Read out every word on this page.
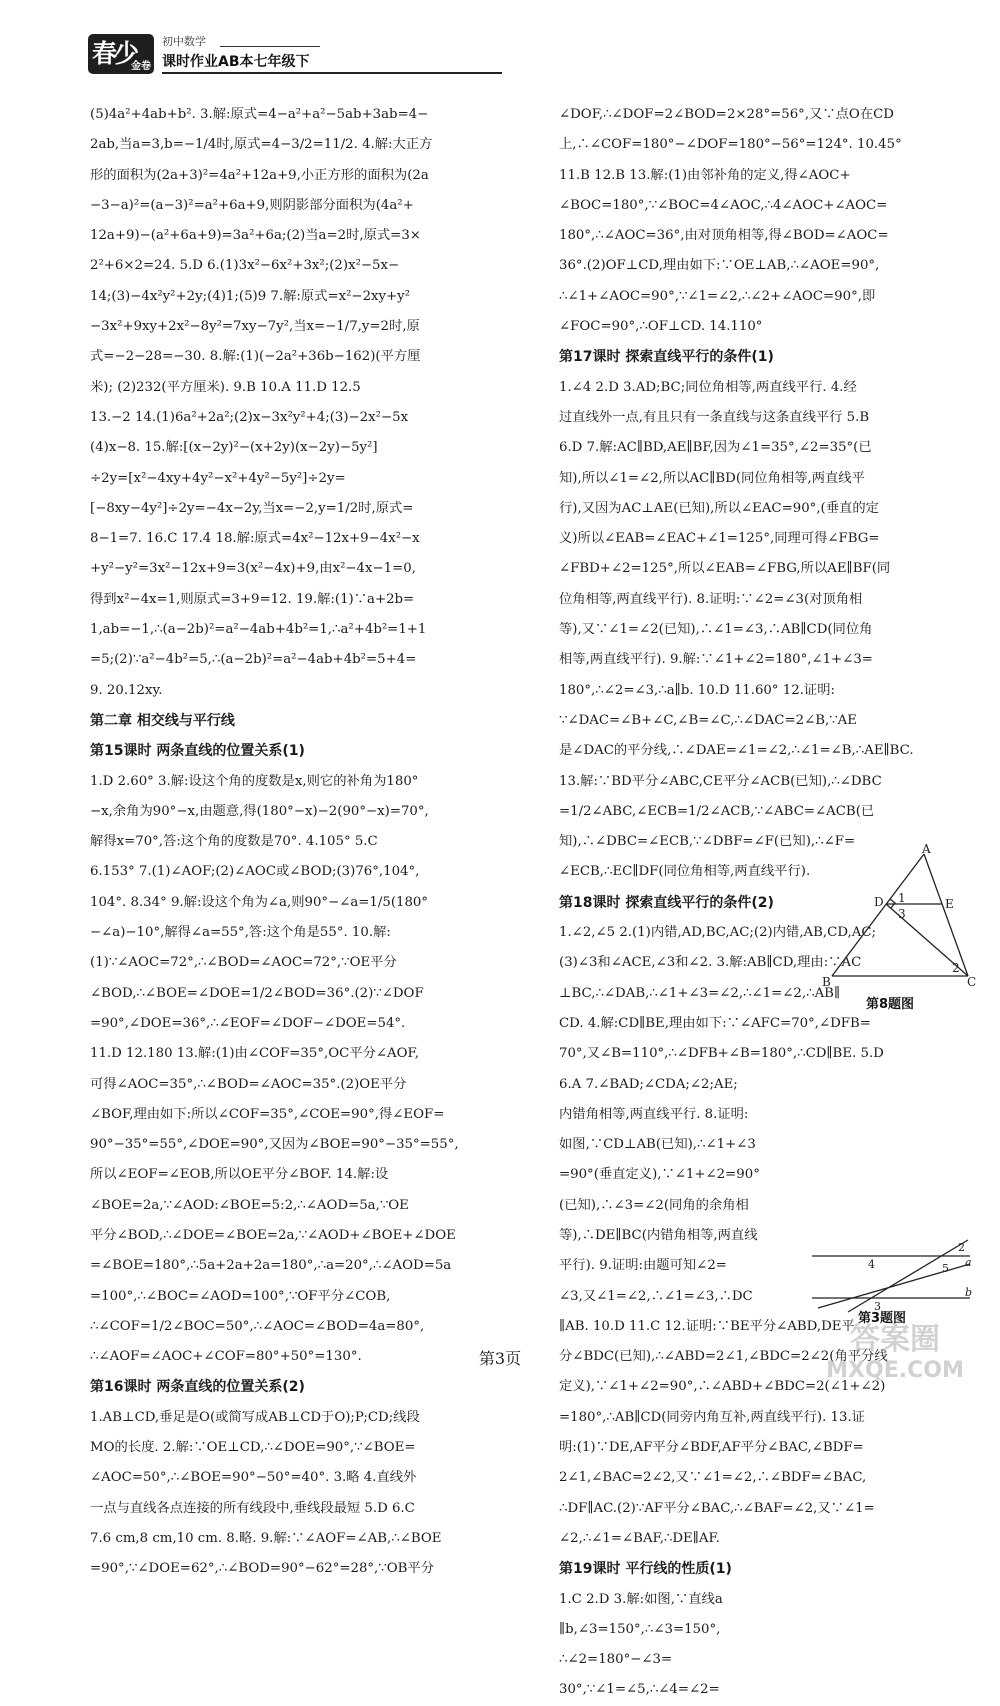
春少
金卷
初中数学
课时作业AB本七年级下

(5)4a²+4ab+b². 3.解:原式=4−a²+a²−5ab+3ab=4−

2ab,当a=3,b=−1/4时,原式=4−3/2=11/2. 4.解:大正方

形的面积为(2a+3)²=4a²+12a+9,小正方形的面积为(2a

−3−a)²=(a−3)²=a²+6a+9,则阴影部分面积为(4a²+

12a+9)−(a²+6a+9)=3a²+6a;(2)当a=2时,原式=3×

2²+6×2=24. 5.D 6.(1)3x²−6x²+3x²;(2)x²−5x−

14;(3)−4x²y²+2y;(4)1;(5)9 7.解:原式=x²−2xy+y²

−3x²+9xy+2x²−8y²=7xy−7y²,当x=−1/7,y=2时,原

式=−2−28=−30. 8.解:(1)(−2a²+36b−162)(平方厘

米); (2)232(平方厘米). 9.B 10.A 11.D 12.5

13.−2 14.(1)6a²+2a²;(2)x−3x²y²+4;(3)−2x²−5x

(4)x−8. 15.解:[(x−2y)²−(x+2y)(x−2y)−5y²]

÷2y=[x²−4xy+4y²−x²+4y²−5y²]÷2y=

[−8xy−4y²]÷2y=−4x−2y,当x=−2,y=1/2时,原式=

8−1=7. 16.C 17.4 18.解:原式=4x²−12x+9−4x²−x

+y²−y²=3x²−12x+9=3(x²−4x)+9,由x²−4x−1=0,

得到x²−4x=1,则原式=3+9=12. 19.解:(1)∵a+2b=

1,ab=−1,∴(a−2b)²=a²−4ab+4b²=1,∴a²+4b²=1+1

=5;(2)∵a²−4b²=5,∴(a−2b)²=a²−4ab+4b²=5+4=

9. 20.12xy.

第二章 相交线与平行线

第15课时 两条直线的位置关系(1)

1.D 2.60° 3.解:设这个角的度数是x,则它的补角为180°

−x,余角为90°−x,由题意,得(180°−x)−2(90°−x)=70°,

解得x=70°,答:这个角的度数是70°. 4.105° 5.C

6.153° 7.(1)∠AOF;(2)∠AOC或∠BOD;(3)76°,104°,

104°. 8.34° 9.解:设这个角为∠a,则90°−∠a=1/5(180°

−∠a)−10°,解得∠a=55°,答:这个角是55°. 10.解:

(1)∵∠AOC=72°,∴∠BOD=∠AOC=72°,∵OE平分

∠BOD,∴∠BOE=∠DOE=1/2∠BOD=36°.(2)∵∠DOF

=90°,∠DOE=36°,∴∠EOF=∠DOF−∠DOE=54°.

11.D 12.180 13.解:(1)由∠COF=35°,OC平分∠AOF,

可得∠AOC=35°,∴∠BOD=∠AOC=35°.(2)OE平分

∠BOF,理由如下:所以∠COF=35°,∠COE=90°,得∠EOF=

90°−35°=55°,∠DOE=90°,又因为∠BOE=90°−35°=55°,

所以∠EOF=∠EOB,所以OE平分∠BOF. 14.解:设

∠BOE=2a,∵∠AOD:∠BOE=5:2,∴∠AOD=5a,∵OE

平分∠BOD,∴∠DOE=∠BOE=2a,∵∠AOD+∠BOE+∠DOE

=∠BOE=180°,∴5a+2a+2a=180°,∴a=20°,∴∠AOD=5a

=100°,∴∠BOC=∠AOD=100°,∵OF平分∠COB,

∴∠COF=1/2∠BOC=50°,∴∠AOC=∠BOD=4a=80°,

∴∠AOF=∠AOC+∠COF=80°+50°=130°.

第16课时 两条直线的位置关系(2)

1.AB⊥CD,垂足是O(或简写成AB⊥CD于O);P;CD;线段

MO的长度. 2.解:∵OE⊥CD,∴∠DOE=90°,∵∠BOE=

∠AOC=50°,∴∠BOE=90°−50°=40°. 3.略 4.直线外

一点与直线各点连接的所有线段中,垂线段最短 5.D 6.C

7.6 cm,8 cm,10 cm. 8.略. 9.解:∵∠AOF=∠AB,∴∠BOE

=90°,∵∠DOE=62°,∴∠BOD=90°−62°=28°,∵OB平分

∠DOF,∴∠DOF=2∠BOD=2×28°=56°,又∵点O在CD

上,∴∠COF=180°−∠DOF=180°−56°=124°. 10.45°

11.B 12.B 13.解:(1)由邻补角的定义,得∠AOC+

∠BOC=180°,∵∠BOC=4∠AOC,∴4∠AOC+∠AOC=

180°,∴∠AOC=36°,由对顶角相等,得∠BOD=∠AOC=

36°.(2)OF⊥CD,理由如下:∵OE⊥AB,∴∠AOE=90°,

∴∠1+∠AOC=90°,∵∠1=∠2,∴∠2+∠AOC=90°,即

∠FOC=90°,∴OF⊥CD. 14.110°

第17课时 探索直线平行的条件(1)

1.∠4 2.D 3.AD;BC;同位角相等,两直线平行. 4.经

过直线外一点,有且只有一条直线与这条直线平行 5.B

6.D 7.解:AC∥BD,AE∥BF,因为∠1=35°,∠2=35°(已

知),所以∠1=∠2,所以AC∥BD(同位角相等,两直线平

行),又因为AC⊥AE(已知),所以∠EAC=90°,(垂直的定

义)所以∠EAB=∠EAC+∠1=125°,同理可得∠FBG=

∠FBD+∠2=125°,所以∠EAB=∠FBG,所以AE∥BF(同

位角相等,两直线平行). 8.证明:∵∠2=∠3(对顶角相

等),又∵∠1=∠2(已知),∴∠1=∠3,∴AB∥CD(同位角

相等,两直线平行). 9.解:∵∠1+∠2=180°,∠1+∠3=

180°,∴∠2=∠3,∴a∥b. 10.D 11.60° 12.证明:

∵∠DAC=∠B+∠C,∠B=∠C,∴∠DAC=2∠B,∵AE

是∠DAC的平分线,∴∠DAE=∠1=∠2,∴∠1=∠B,∴AE∥BC.

13.解:∵BD平分∠ABC,CE平分∠ACB(已知),∴∠DBC

=1/2∠ABC,∠ECB=1/2∠ACB,∵∠ABC=∠ACB(已

知),∴∠DBC=∠ECB,∵∠DBF=∠F(已知),∴∠F=

∠ECB,∴EC∥DF(同位角相等,两直线平行).

第18课时 探索直线平行的条件(2)

1.∠2,∠5 2.(1)内错,AD,BC,AC;(2)内错,AB,CD,AC;

(3)∠3和∠ACE,∠3和∠2. 3.解:AB∥CD,理由:∵AC

⊥BC,∴∠DAB,∴∠1+∠3=∠2,∴∠1=∠2,∴AB∥

CD. 4.解:CD∥BE,理由如下:∵∠AFC=70°,∠DFB=

70°,又∠B=110°,∴∠DFB+∠B=180°,∴CD∥BE. 5.D

6.A 7.∠BAD;∠CDA;∠2;AE;

内错角相等,两直线平行. 8.证明:

如图,∵CD⊥AB(已知),∴∠1+∠3

=90°(垂直定义),∵∠1+∠2=90°

(已知),∴∠3=∠2(同角的余角相

等),∴DE∥BC(内错角相等,两直线

平行). 9.证明:由题可知∠2=

∠3,又∠1=∠2,∴∠1=∠3,∴DC

∥AB. 10.D 11.C 12.证明:∵BE平分∠ABD,DE平

分∠BDC(已知),∴∠ABD=2∠1,∠BDC=2∠2(角平分线

定义),∵∠1+∠2=90°,∴∠ABD+∠BDC=2(∠1+∠2)

=180°,∴AB∥CD(同旁内角互补,两直线平行). 13.证

明:(1)∵DE,AF平分∠BDF,AF平分∠BAC,∠BDF=

2∠1,∠BAC=2∠2,又∵∠1=∠2,∴∠BDF=∠BAC,

∴DF∥AC.(2)∵AF平分∠BAC,∴∠BAF=∠2,又∵∠1=

∠2,∴∠1=∠BAF,∴DE∥AF.

第19课时 平行线的性质(1)

1.C 2.D 3.解:如图,∵直线a

∥b,∠3=150°,∴∠3=150°,

∴∠2=180°−∠3=

30°,∵∠1=∠5,∴∠4=∠2=

A
D 1
3
E
2
B	C
第8题图
4
2
5 a
3
b
第3题图
第3页
答案圈
MXQE.COM
